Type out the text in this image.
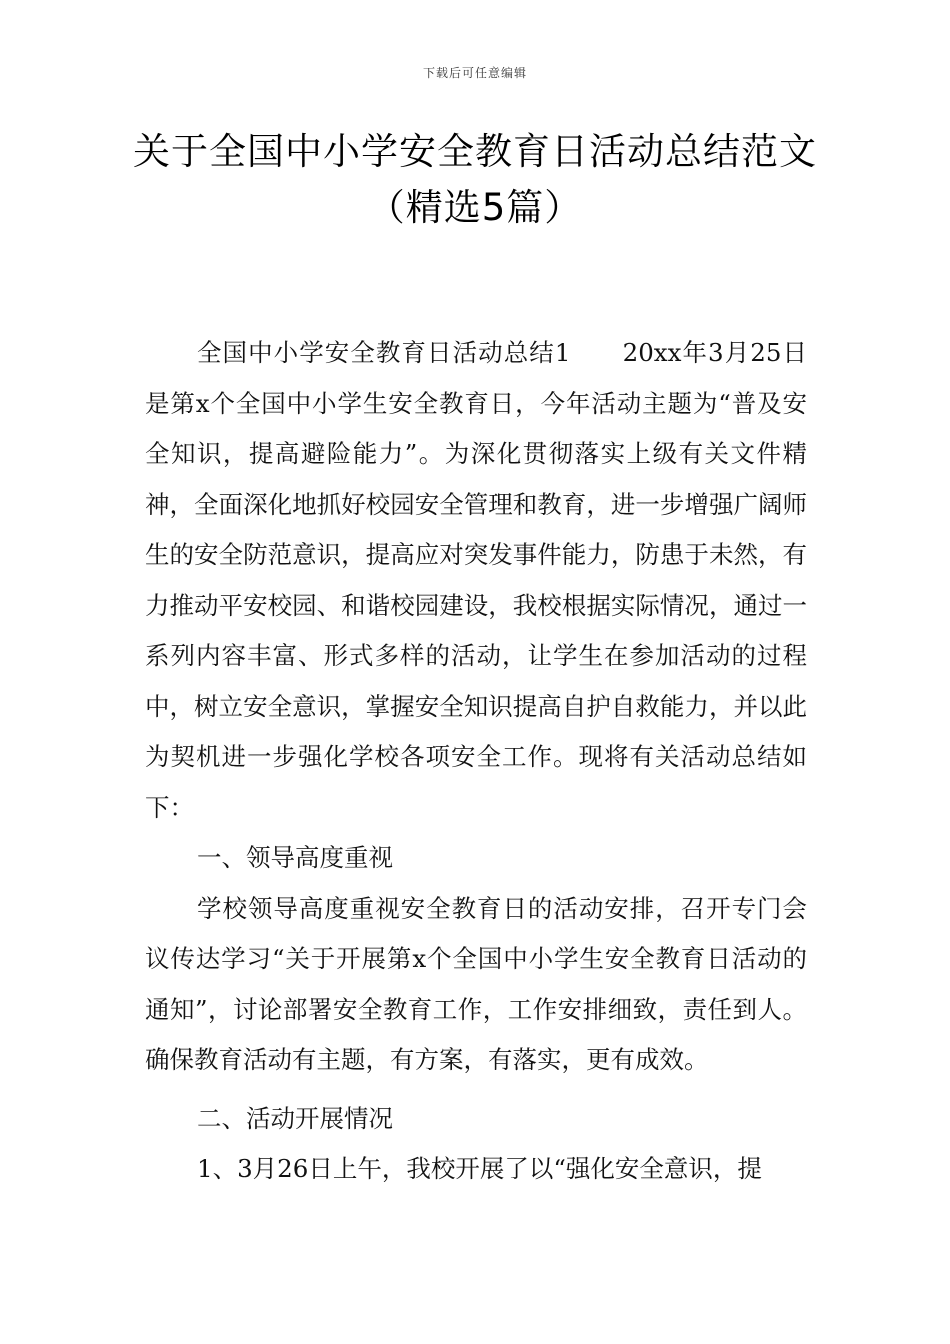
下载后可任意编辑
关于全国中小学安全教育日活动总结范文
（精选5篇）

全国中小学安全教育日活动总结1　　20xx年3月25日是第x个全国中小学生安全教育日，今年活动主题为“普及安全知识，提高避险能力”。为深化贯彻落实上级有关文件精神，全面深化地抓好校园安全管理和教育，进一步增强广阔师生的安全防范意识，提高应对突发事件能力，防患于未然，有力推动平安校园、和谐校园建设，我校根据实际情况，通过一系列内容丰富、形式多样的活动，让学生在参加活动的过程中，树立安全意识，掌握安全知识提高自护自救能力，并以此为契机进一步强化学校各项安全工作。现将有关活动总结如下：

一、领导高度重视

学校领导高度重视安全教育日的活动安排，召开专门会议传达学习“关于开展第x个全国中小学生安全教育日活动的通知”，讨论部署安全教育工作，工作安排细致，责任到人。确保教育活动有主题，有方案，有落实，更有成效。

二、活动开展情况

1、3月26日上午，我校开展了以“强化安全意识，提
